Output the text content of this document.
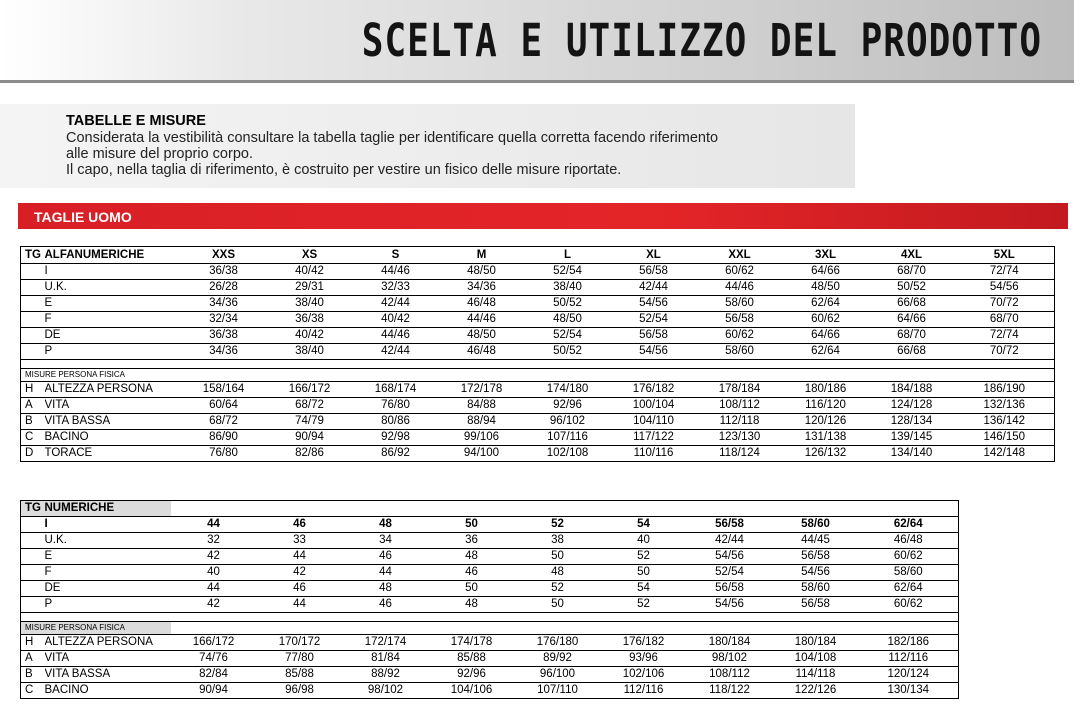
SCELTA E UTILIZZO DEL PRODOTTO
TABELLE E MISURE
Considerata la vestibilità consultare la tabella taglie per identificare quella corretta facendo riferimento
alle misure del proprio corpo.
Il capo, nella taglia di riferimento, è costruito per vestire un fisico delle misure riportate.
TAGLIE UOMO
TG	ALFANUMERICHE	XXS	XS	S	M	L	XL	XXL	3XL	4XL	5XL
	I	36/38	40/42	44/46	48/50	52/54	56/58	60/62	64/66	68/70	72/74
	U.K.	26/28	29/31	32/33	34/36	38/40	42/44	44/46	48/50	50/52	54/56
	E	34/36	38/40	42/44	46/48	50/52	54/56	58/60	62/64	66/68	70/72
	F	32/34	36/38	40/42	44/46	48/50	52/54	56/58	60/62	64/66	68/70
	DE	36/38	40/42	44/46	48/50	52/54	56/58	60/62	64/66	68/70	72/74
	P	34/36	38/40	42/44	46/48	50/52	54/56	58/60	62/64	66/68	70/72

MISURE PERSONA FISICA											
H	ALTEZZA PERSONA	158/164	166/172	168/174	172/178	174/180	176/182	178/184	180/186	184/188	186/190
A	VITA	60/64	68/72	76/80	84/88	92/96	100/104	108/112	116/120	124/128	132/136
B	VITA BASSA	68/72	74/79	80/86	88/94	96/102	104/110	112/118	120/126	128/134	136/142
C	BACINO	86/90	90/94	92/98	99/106	107/116	117/122	123/130	131/138	139/145	146/150
D	TORACE	76/80	82/86	86/92	94/100	102/108	110/116	118/124	126/132	134/140	142/148
TG	NUMERICHE									
	I	44	46	48	50	52	54	56/58	58/60	62/64
	U.K.	32	33	34	36	38	40	42/44	44/45	46/48
	E	42	44	46	48	50	52	54/56	56/58	60/62
	F	40	42	44	46	48	50	52/54	54/56	58/60
	DE	44	46	48	50	52	54	56/58	58/60	62/64
	P	42	44	46	48	50	52	54/56	56/58	60/62

MISURE PERSONA FISICA										
H	ALTEZZA PERSONA	166/172	170/172	172/174	174/178	176/180	176/182	180/184	180/184	182/186
A	VITA	74/76	77/80	81/84	85/88	89/92	93/96	98/102	104/108	112/116
B	VITA BASSA	82/84	85/88	88/92	92/96	96/100	102/106	108/112	114/118	120/124
C	BACINO	90/94	96/98	98/102	104/106	107/110	112/116	118/122	122/126	130/134
